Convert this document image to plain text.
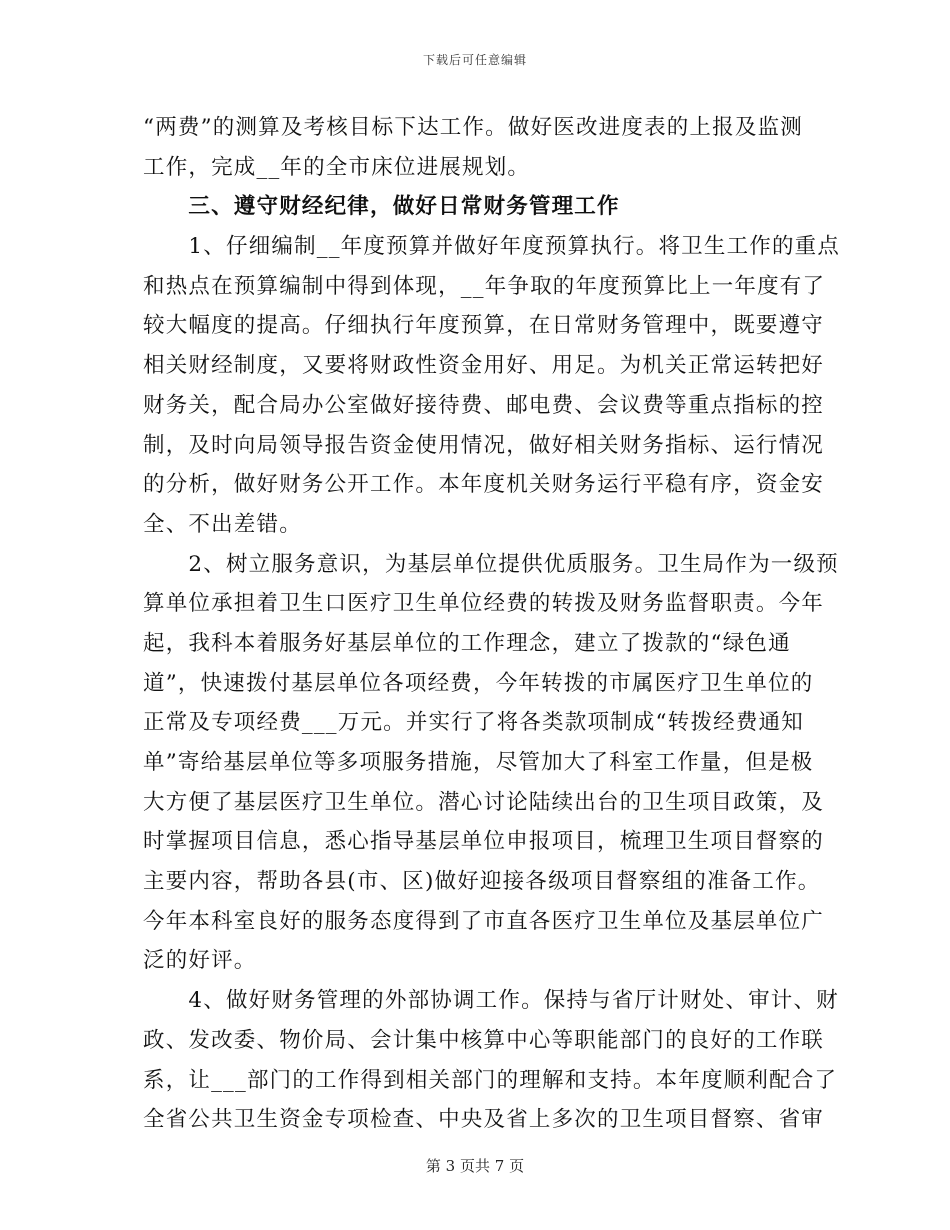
下载后可任意编辑
“两费”的测算及考核目标下达工作。做好医改进度表的上报及监测
工作，完成__年的全市床位进展规划。
　　三、遵守财经纪律，做好日常财务管理工作
　　1、仔细编制__年度预算并做好年度预算执行。将卫生工作的重点
和热点在预算编制中得到体现，__年争取的年度预算比上一年度有了
较大幅度的提高。仔细执行年度预算，在日常财务管理中，既要遵守
相关财经制度，又要将财政性资金用好、用足。为机关正常运转把好
财务关，配合局办公室做好接待费、邮电费、会议费等重点指标的控
制，及时向局领导报告资金使用情况，做好相关财务指标、运行情况
的分析，做好财务公开工作。本年度机关财务运行平稳有序，资金安
全、不出差错。
　　2、树立服务意识，为基层单位提供优质服务。卫生局作为一级预
算单位承担着卫生口医疗卫生单位经费的转拨及财务监督职责。今年
起，我科本着服务好基层单位的工作理念，建立了拨款的“绿色通
道”，快速拨付基层单位各项经费，今年转拨的市属医疗卫生单位的
正常及专项经费___万元。并实行了将各类款项制成“转拨经费通知
单”寄给基层单位等多项服务措施，尽管加大了科室工作量，但是极
大方便了基层医疗卫生单位。潜心讨论陆续出台的卫生项目政策，及
时掌握项目信息，悉心指导基层单位申报项目，梳理卫生项目督察的
主要内容，帮助各县(市、区)做好迎接各级项目督察组的准备工作。
今年本科室良好的服务态度得到了市直各医疗卫生单位及基层单位广
泛的好评。
　　4、做好财务管理的外部协调工作。保持与省厅计财处、审计、财
政、发改委、物价局、会计集中核算中心等职能部门的良好的工作联
系，让___部门的工作得到相关部门的理解和支持。本年度顺利配合了
全省公共卫生资金专项检查、中央及省上多次的卫生项目督察、省审
第 3 页共 7 页
